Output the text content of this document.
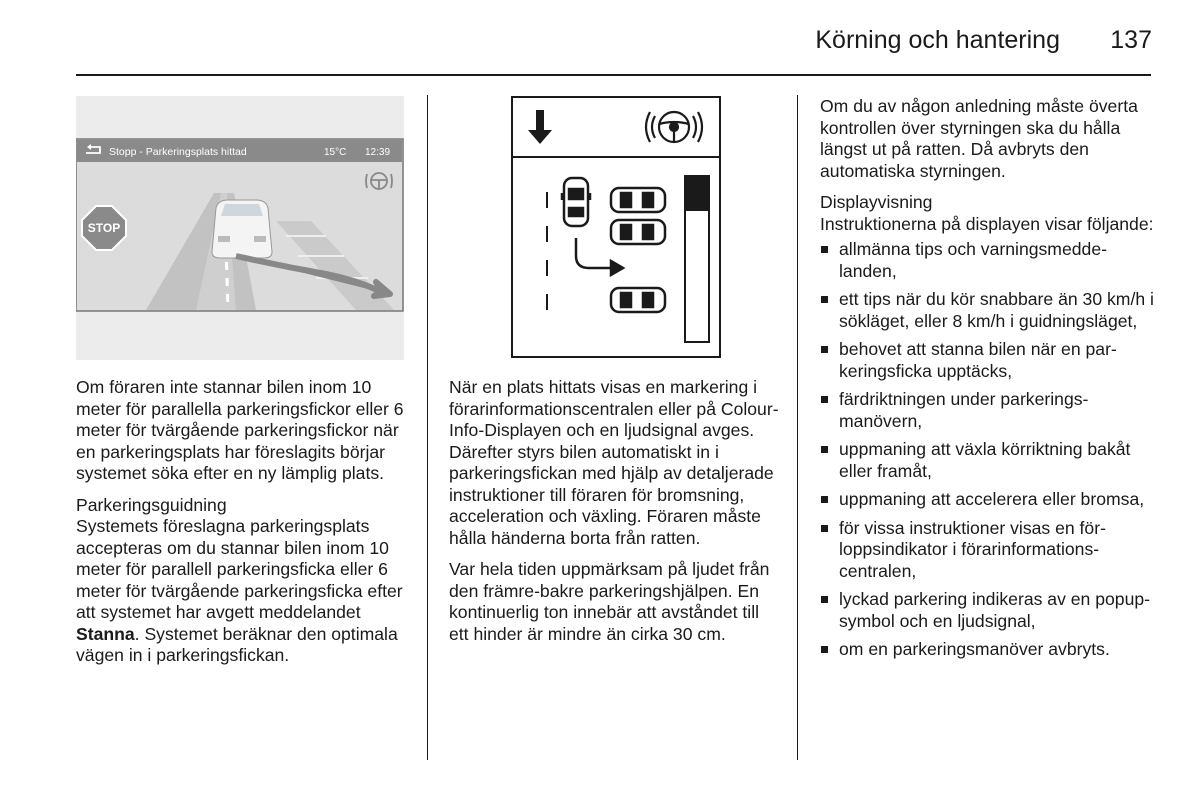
Körning och hantering	137
Stopp - Parkeringsplats hittad	15°C 12:39
STOP

Om föraren inte stannar bilen inom 10 meter för parallella parkeringsfickor eller 6 meter för tvärgående parkeringsfickor när en parkeringsplats har föreslagits börjar systemet söka efter en ny lämplig plats.

Parkeringsguidning

Systemets föreslagna parkeringsplats accepteras om du stannar bilen inom 10 meter för parallell parkeringsficka eller 6 meter för tvärgående parkeringsficka efter att systemet har avgett meddelandet Stanna. Systemet beräknar den optimala vägen in i parkeringsfickan.

När en plats hittats visas en markering i förarinformationscentralen eller på Colour-Info-Displayen och en ljudsignal avges. Därefter styrs bilen automatiskt in i parkeringsfickan med hjälp av detaljerade instruktioner till föraren för bromsning, acceleration och växling. Föraren måste hålla händerna borta från ratten.

Var hela tiden uppmärksam på ljudet från den främre-bakre parkeringshjälpen. En kontinuerlig ton innebär att avståndet till ett hinder är mindre än cirka 30 cm.

Om du av någon anledning måste överta kontrollen över styrningen ska du hålla längst ut på ratten. Då avbryts den automatiska styrningen.

Displayvisning

Instruktionerna på displayen visar följande:

allmänna tips och varningsmeddelanden,
ett tips när du kör snabbare än 30 km/h i sökläget, eller 8 km/h i guidningsläget,
behovet att stanna bilen när en parkeringsficka upptäcks,
färdriktningen under parkeringsmanövern,
uppmaning att växla körriktning bakåt eller framåt,
uppmaning att accelerera eller bromsa,
för vissa instruktioner visas en förloppsindikator i förarinformationscentralen,
lyckad parkering indikeras av en popup-symbol och en ljudsignal,
om en parkeringsmanöver avbryts.
